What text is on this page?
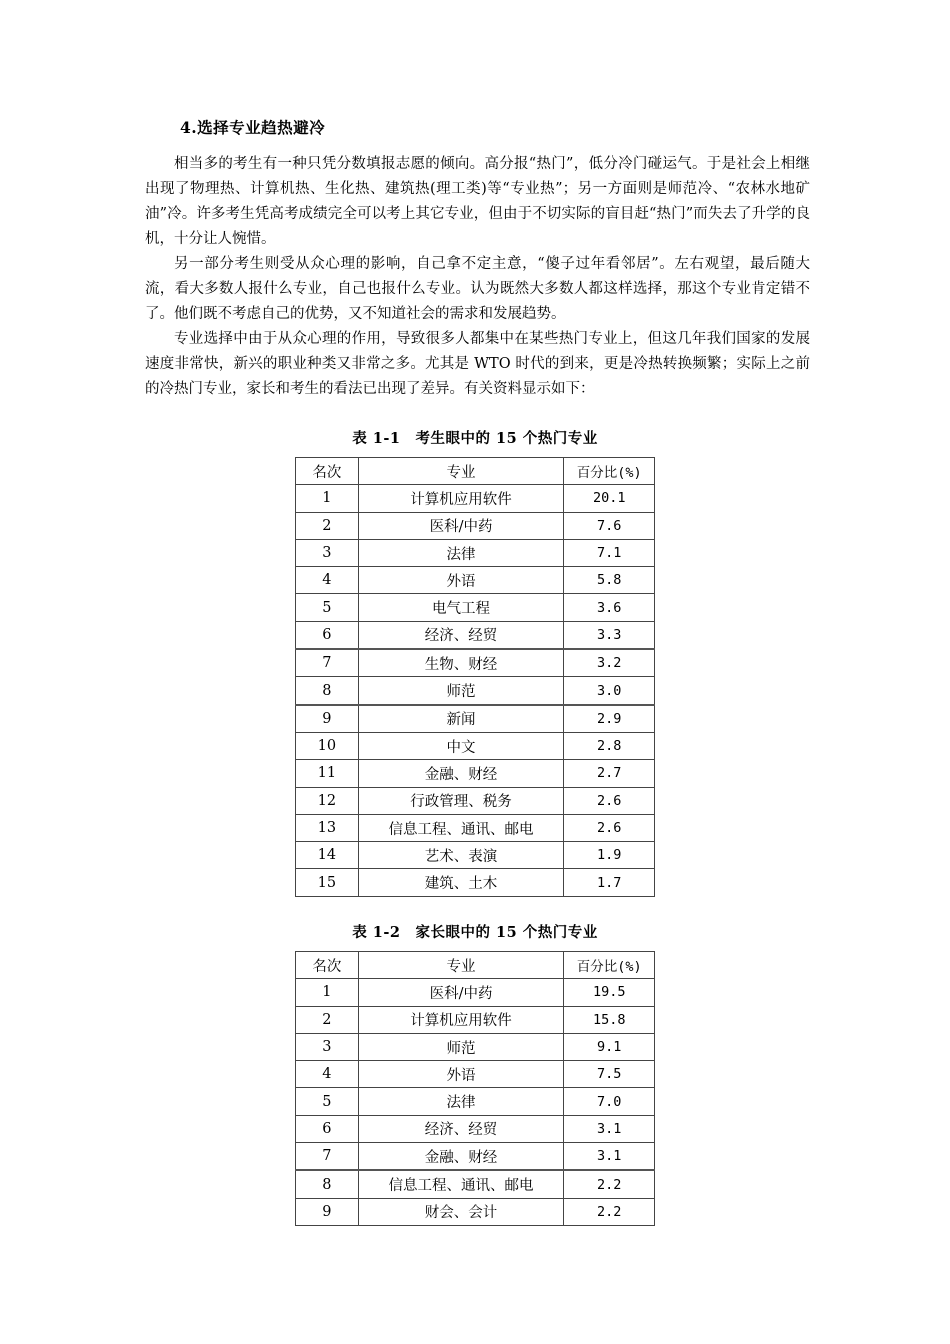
4.选择专业趋热避冷

相当多的考生有一种只凭分数填报志愿的倾向。高分报“热门”，低分冷门碰运气。于是社会上相继出现了物理热、计算机热、生化热、建筑热(理工类)等“专业热”；另一方面则是师范冷、“农林水地矿油”冷。许多考生凭高考成绩完全可以考上其它专业，但由于不切实际的盲目赶“热门”而失去了升学的良机，十分让人惋惜。

另一部分考生则受从众心理的影响，自己拿不定主意，“傻子过年看邻居”。左右观望，最后随大流，看大多数人报什么专业，自己也报什么专业。认为既然大多数人都这样选择，那这个专业肯定错不了。他们既不考虑自己的优势，又不知道社会的需求和发展趋势。

专业选择中由于从众心理的作用，导致很多人都集中在某些热门专业上，但这几年我们国家的发展速度非常快，新兴的职业种类又非常之多。尤其是 WTO 时代的到来，更是冷热转换频繁；实际上之前的冷热门专业，家长和考生的看法已出现了差异。有关资料显示如下：

表 1-1　考生眼中的 15 个热门专业
名次	专业	百分比(%)
1	计算机应用软件	20.1
2	医科/中药	7.6
3	法律	7.1
4	外语	5.8
5	电气工程	3.6
6	经济、经贸	3.3
7	生物、财经	3.2
8	师范	3.0
9	新闻	2.9
10	中文	2.8
11	金融、财经	2.7
12	行政管理、税务	2.6
13	信息工程、通讯、邮电	2.6
14	艺术、表演	1.9
15	建筑、土木	1.7
表 1-2　家长眼中的 15 个热门专业
名次	专业	百分比(%)
1	医科/中药	19.5
2	计算机应用软件	15.8
3	师范	9.1
4	外语	7.5
5	法律	7.0
6	经济、经贸	3.1
7	金融、财经	3.1
8	信息工程、通讯、邮电	2.2
9	财会、会计	2.2
